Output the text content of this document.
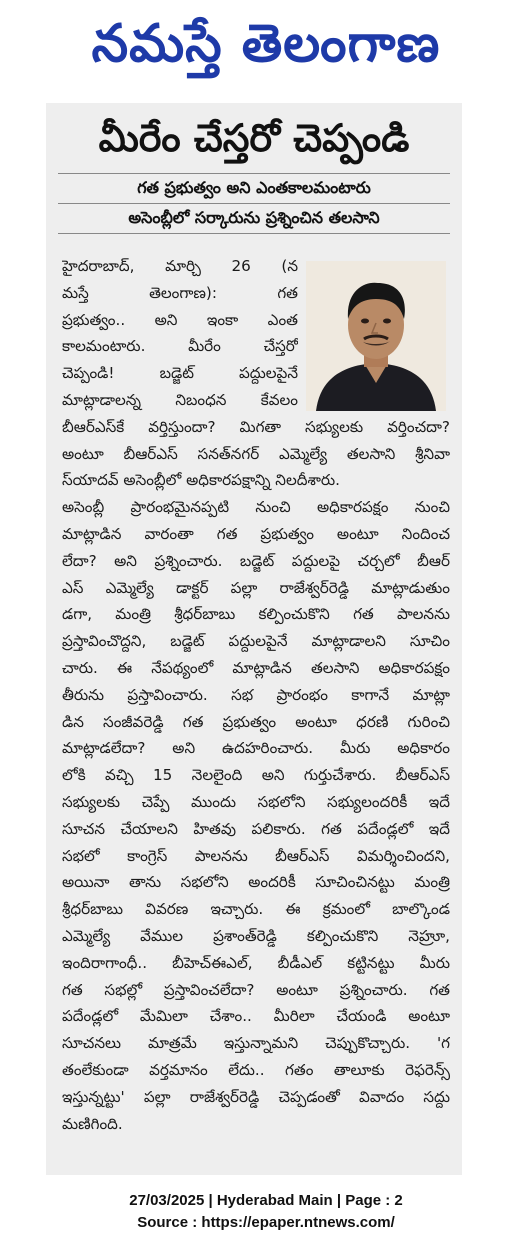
నమస్తే తెలంగాణ
మీరేం చేస్తరో చెప్పండి
గత ప్రభుత్వం అని ఎంతకాలమంటారు
అసెంబ్లీలో సర్కారును ప్రశ్నించిన తలసాని
హైదరాబాద్, మార్చి 26 (న
మస్తే తెలంగాణ): గత
ప్రభుత్వం.. అని ఇంకా ఎంత
కాలమంటారు. మీరేం చేస్తరో
చెప్పండి! బడ్జెట్ పద్దులపైనే
మాట్లాడాలన్న నిబంధన కేవలం
బీఆర్ఎస్‌కే వర్తిస్తుందా? మిగతా సభ్యులకు వర్తించదా?
అంటూ బీఆర్ఎస్ సనత్‌నగర్ ఎమ్మెల్యే తలసాని శ్రీనివా
స్‌యాదవ్ అసెంబ్లీలో అధికారపక్షాన్ని నిలదీశారు.
అసెంబ్లీ ప్రారంభమైనప్పటి నుంచి అధికారపక్షం నుంచి
మాట్లాడిన వారంతా గత ప్రభుత్వం అంటూ నిందించ
లేదా? అని ప్రశ్నించారు. బడ్జెట్ పద్దులపై చర్చలో బీఆర్
ఎస్ ఎమ్మెల్యే డాక్టర్ పల్లా రాజేశ్వర్‌రెడ్డి మాట్లాడుతుం
డగా, మంత్రి శ్రీధర్‌బాబు కల్పించుకొని గత పాలనను
ప్రస్తావించొద్దని, బడ్జెట్ పద్దులపైనే మాట్లాడాలని సూచిం
చారు. ఈ నేపథ్యంలో మాట్లాడిన తలసాని అధికారపక్షం
తీరును ప్రస్తావించారు. సభ ప్రారంభం కాగానే మాట్లా
డిన సంజీవరెడ్డి గత ప్రభుత్వం అంటూ ధరణి గురించి
మాట్లాడలేదా? అని ఉదహరించారు. మీరు అధికారం
లోకి వచ్చి 15 నెలలైంది అని గుర్తుచేశారు. బీఆర్ఎస్
సభ్యులకు చెప్పే ముందు సభలోని సభ్యులందరికీ ఇదే
సూచన చేయాలని హితవు పలికారు. గత పదేండ్లలో ఇదే
సభలో కాంగ్రెస్ పాలనను బీఆర్ఎస్ విమర్శించిందని,
అయినా తాను సభలోని అందరికీ సూచించినట్టు మంత్రి
శ్రీధర్‌బాబు వివరణ ఇచ్చారు. ఈ క్రమంలో బాల్కొండ
ఎమ్మెల్యే వేముల ప్రశాంత్‌రెడ్డి కల్పించుకొని నెహ్రూ,
ఇందిరాగాంధీ.. బీహెచ్ఈఎల్, బీడీఎల్ కట్టినట్టు మీరు
గత సభల్లో ప్రస్తావించలేదా? అంటూ ప్రశ్నించారు. గత
పదేండ్లలో మేమిలా చేశాం.. మీరిలా చేయండి అంటూ
సూచనలు మాత్రమే ఇస్తున్నామని చెప్పుకొచ్చారు. 'గ
తంలేకుండా వర్తమానం లేదు.. గతం తాలూకు రెఫరెన్స్
ఇస్తున్నట్టు' పల్లా రాజేశ్వర్‌రెడ్డి చెప్పడంతో వివాదం సద్దు
మణిగింది.
27/03/2025 | Hyderabad Main | Page : 2
Source : https://epaper.ntnews.com/
